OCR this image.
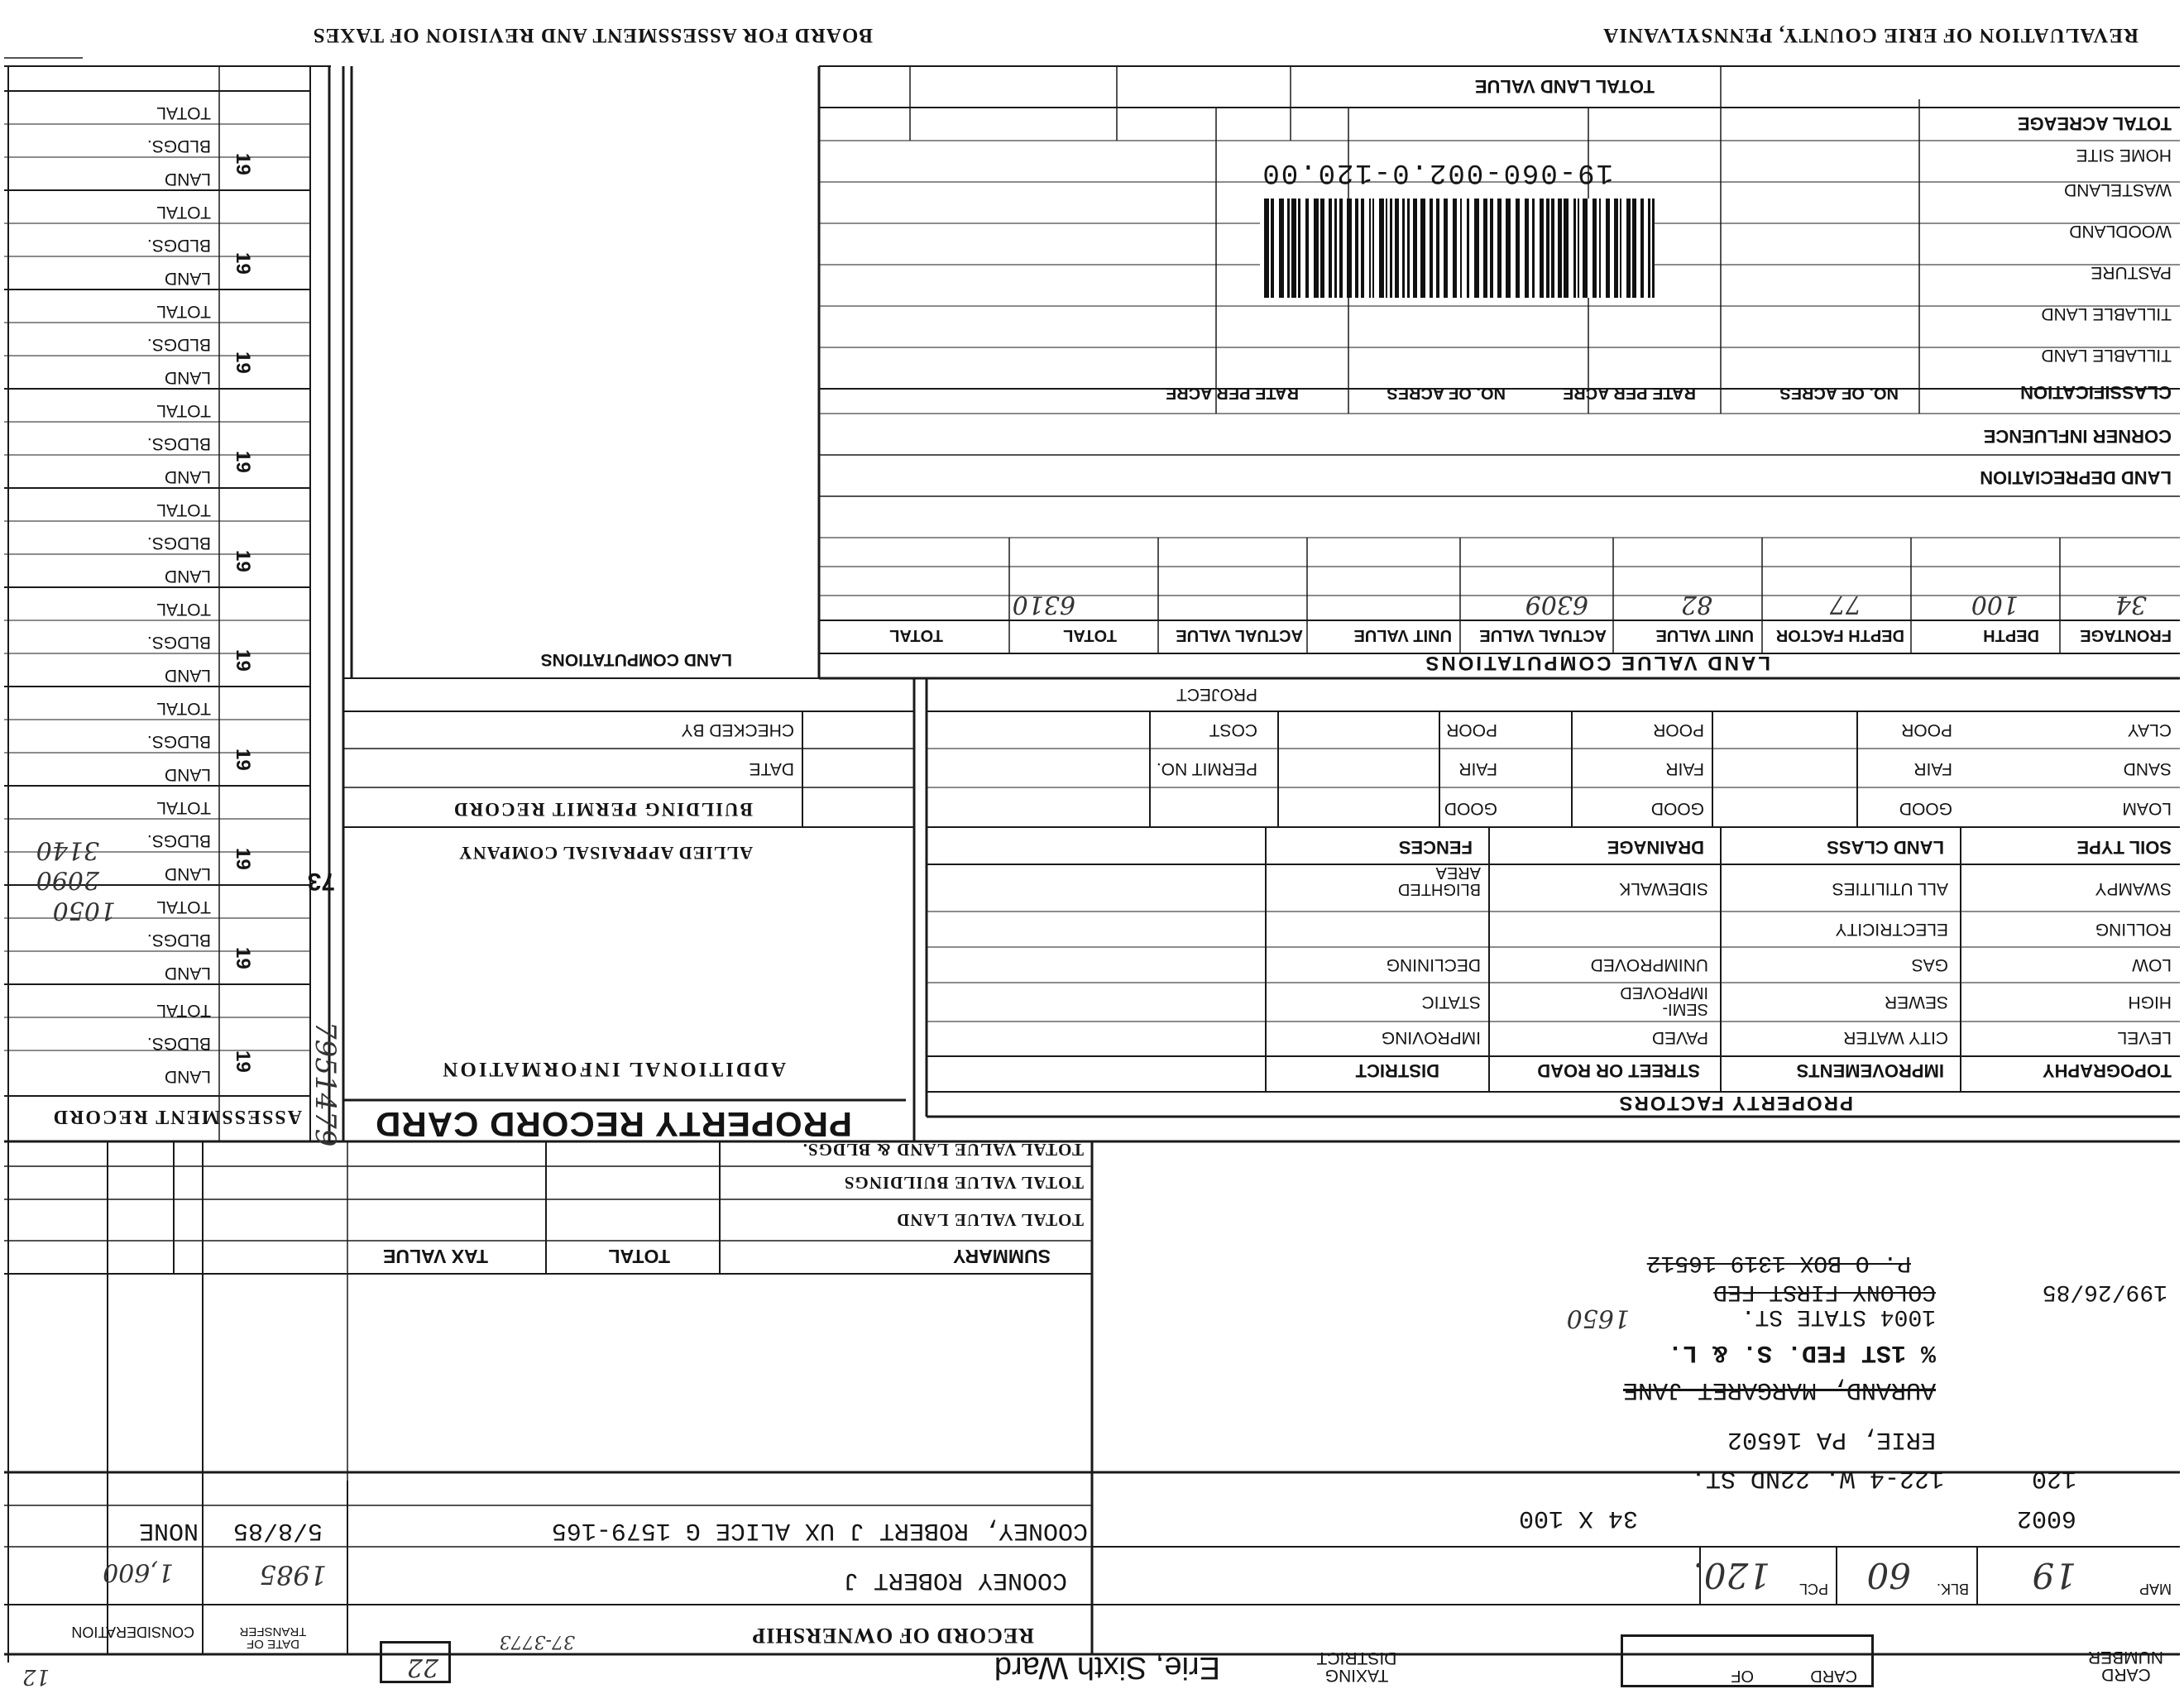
REVALUATION OF ERIE COUNTY, PENNSYLVANIA
BOARD FOR ASSESSMENT AND REVISION OF TAXES
CARD NUMBER
CARD
OF
TAXING DISTRICT
Erie, Sixth Ward
22
MAP
19
BLK.
60
PCL
120.
6002
120
122-4 W. 22ND ST.
34 X 100
ERIE, PA 16502
AURAND, MARGARET JANE
% 1ST FED. S. & L.
1004 STATE ST.
1650
199/26/85
COLONY FIRST FED
P. O BOX 1319 16512
RECORD OF OWNERSHIP
37-3773
DATE OF TRANSFER
CONSIDERATION
COONEY ROBERT J
COONEY, ROBERT J UX ALICE G 1579-165
5/8/85
NONE
1985
1,600
12
SUMMARY
TOTAL
TAX VALUE
TOTAL VALUE LAND
TOTAL VALUE BUILDINGS
TOTAL VALUE LAND & BLDGS.
PROPERTY FACTORS
TOPOGRAPHY
IMPROVEMENTS
STREET OR ROAD
DISTRICT
LEVEL
HIGH
LOW
ROLLING
SWAMPY
CITY WATER
SEWER
GAS
ELECTRICITY
ALL UTILITIES
PAVED
SEMI-IMPROVED
UNIMPROVED
SIDEWALK
IMPROVING
STATIC
DECLINING
BLIGHTED AREA
SOIL TYPE
LAND CLASS
DRAINAGE
FENCES
LOAM
SAND
CLAY
GOOD
FAIR
POOR
GOOD
FAIR
POOR
GOOD
FAIR
POOR
PROPERTY RECORD CARD
ADDITIONAL INFORMATION
ALLIED APPRAISAL COMPANY
BUILDING PERMIT RECORD
PERMIT NO.
DATE
COST
CHECKED BY
PROJECT
LAND COMPUTATIONS	LAND VALUE COMPUTATIONS
FRONTAGE
DEPTH
DEPTH FACTOR
UNIT VALUE
ACTUAL VALUE
UNIT VALUE
ACTUAL VALUE
TOTAL
TOTAL
34
100
77
82
6309
6310
LAND DEPRECIATION
CORNER INFLUENCE
CLASSIFICATION
NO. OF ACRES
RATE PER ACRE
NO. OF ACRES
RATE PER ACRE
TILLABLE LAND
TILLABLE LAND
PASTURE
WOODLAND
WASTELAND
HOME SITE
TOTAL ACREAGE
TOTAL LAND VALUE
19-060-002.0-120.00
ASSESSMENT RECORD
LAND
BLDGS.
TOTAL
19
LAND
BLDGS.
TOTAL
19
LAND
BLDGS.
TOTAL
19
LAND
BLDGS.
TOTAL
19
LAND
BLDGS.
TOTAL
19
LAND
BLDGS.
TOTAL
19
LAND
BLDGS.
TOTAL
19
LAND
BLDGS.
TOTAL
19
LAND
BLDGS.
TOTAL
19
LAND
BLDGS.
TOTAL
19
7951479
73
1050
2090
3140
